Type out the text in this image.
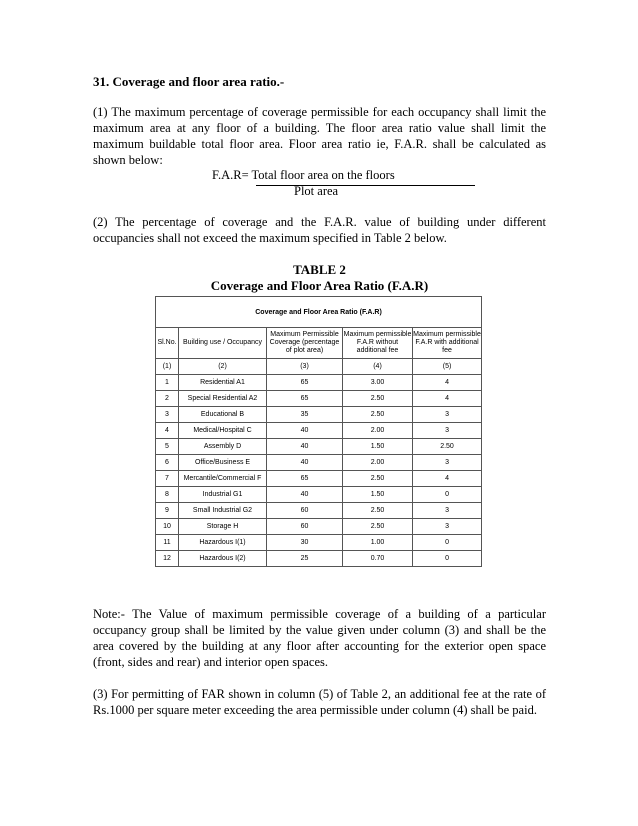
31. Coverage and floor area ratio.-

(1) The maximum percentage of coverage permissible for each occupancy shall limit the maximum area at any floor of a building. The floor area ratio value shall limit the maximum buildable total floor area. Floor area ratio ie, F.A.R. shall be calculated as shown below:

F.A.R= Total floor area on the floors
Plot area

(2) The percentage of coverage and the F.A.R. value of building under different occupancies shall not exceed the maximum specified in Table 2 below.

TABLE 2

Coverage and Floor Area Ratio (F.A.R)

Coverage and Floor Area Ratio (F.A.R)				
Sl.No.	Building use / Occupancy	Maximum Permissible Coverage (percentage of plot area)	Maximum permissible F.A.R without additional fee	Maximum permissible F.A.R with additional fee
(1)	(2)	(3)	(4)	(5)
1	Residential A1	65	3.00	4
2	Special Residential A2	65	2.50	4
3	Educational B	35	2.50	3
4	Medical/Hospital C	40	2.00	3
5	Assembly D	40	1.50	2.50
6	Office/Business E	40	2.00	3
7	Mercantile/Commercial F	65	2.50	4
8	Industrial G1	40	1.50	0
9	Small Industrial G2	60	2.50	3
10	Storage H	60	2.50	3
11	Hazardous I(1)	30	1.00	0
12	Hazardous I(2)	25	0.70	0

Note:- The Value of maximum permissible coverage of a building of a particular occupancy group shall be limited by the value given under column (3) and shall be the area covered by the building at any floor after accounting for the exterior open space (front, sides and rear) and interior open spaces.

(3) For permitting of FAR shown in column (5) of Table 2, an additional fee at the rate of Rs.1000 per square meter exceeding the area permissible under column (4) shall be paid.
